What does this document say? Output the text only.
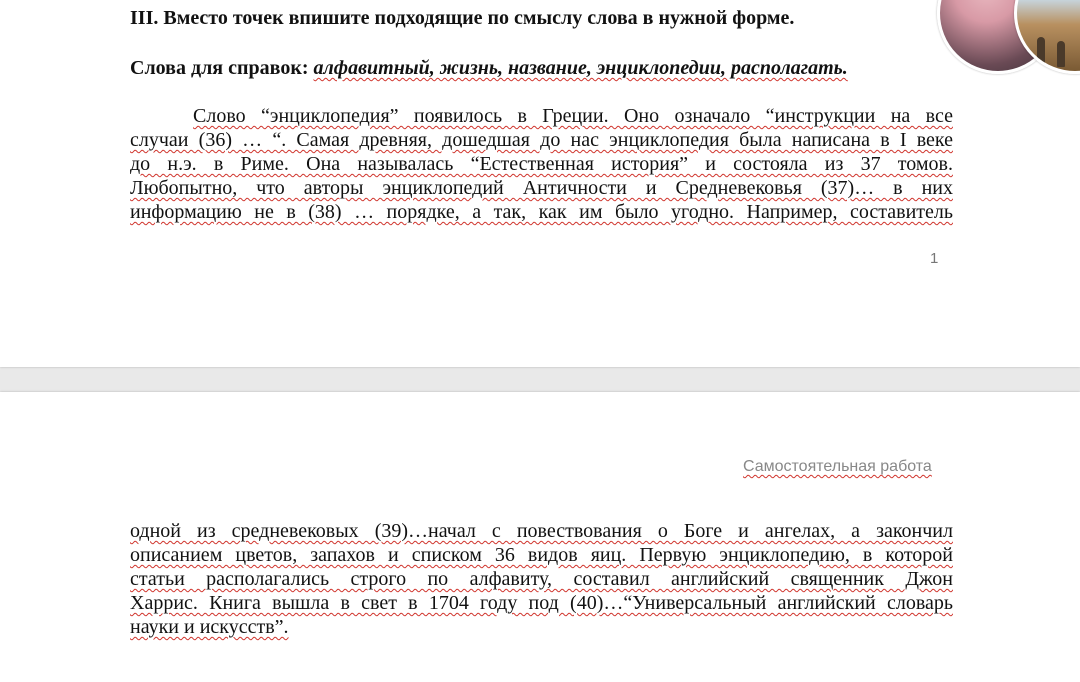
III. Вместо точек впишите подходящие по смыслу слова в нужной форме.
Слова для справок: алфавитный, жизнь, название, энциклопедии, располагать.
Слово “энциклопедия” появилось в Греции. Оно означало “инструкции на все
случаи (36) … “. Самая древняя, дошедшая до нас энциклопедия была написана в I веке
до н.э. в Риме. Она называлась “Естественная история” и состояла из 37 томов.
Любопытно, что авторы энциклопедий Античности и Средневековья (37)… в них
информацию не в (38) … порядке, а так, как им было угодно. Например, составитель
1
Самостоятельная работа
одной из средневековых (39)…начал с повествования о Боге и ангелах, а закончил
описанием цветов, запахов и списком 36 видов яиц. Первую энциклопедию, в которой
статьи располагались строго по алфавиту, составил английский священник Джон
Харрис. Книга вышла в свет в 1704 году под (40)…“Универсальный английский словарь
науки и искусств”.
